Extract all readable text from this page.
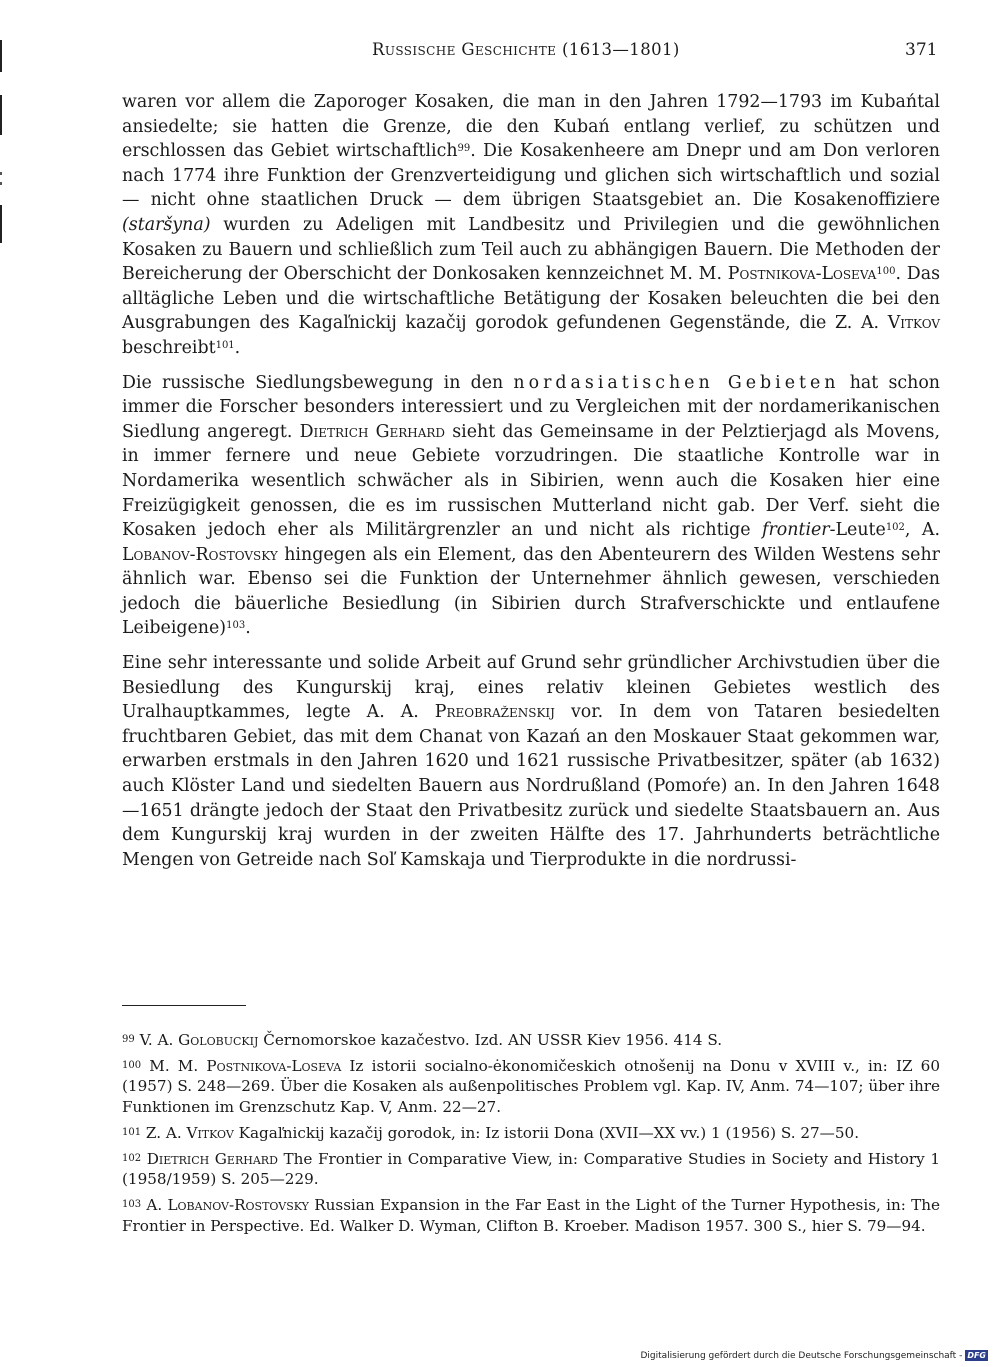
Russische Geschichte (1613—1801)	371

waren vor allem die Zaporoger Kosaken, die man in den Jahren 1792—1793 im Kubańtal ansiedelte; sie hatten die Grenze, die den Kubań entlang verlief, zu schützen und erschlossen das Gebiet wirtschaftlich$^{99}$. Die Kosakenheere am Dnepr und am Don verloren nach 1774 ihre Funktion der Grenzverteidigung und glichen sich wirtschaftlich und sozial — nicht ohne staatlichen Druck — dem übrigen Staatsgebiet an. Die Kosakenoffiziere (staršyna) wurden zu Adeligen mit Landbesitz und Privilegien und die gewöhnlichen Kosaken zu Bauern und schließlich zum Teil auch zu abhängigen Bauern. Die Methoden der Bereicherung der Oberschicht der Donkosaken kennzeichnet M. M. Postnikova-Loseva$^{100}$. Das alltägliche Leben und die wirtschaftliche Betätigung der Kosaken beleuchten die bei den Ausgrabungen des Kagaľnickij kazačij gorodok gefundenen Gegenstände, die Z. A. Vitkov beschreibt$^{101}$.

Die russische Siedlungsbewegung in den nordasiatischen Gebieten hat schon immer die Forscher besonders interessiert und zu Vergleichen mit der nordamerikanischen Siedlung angeregt. Dietrich Gerhard sieht das Gemeinsame in der Pelztierjagd als Movens, in immer fernere und neue Gebiete vorzudringen. Die staatliche Kontrolle war in Nordamerika wesentlich schwächer als in Sibirien, wenn auch die Kosaken hier eine Freizügigkeit genossen, die es im russischen Mutterland nicht gab. Der Verf. sieht die Kosaken jedoch eher als Militärgrenzler an und nicht als richtige frontier-Leute$^{102}$, A. Lobanov-Rostovsky hingegen als ein Element, das den Abenteurern des Wilden Westens sehr ähnlich war. Ebenso sei die Funktion der Unternehmer ähnlich gewesen, verschieden jedoch die bäuerliche Besiedlung (in Sibirien durch Strafverschickte und entlaufene Leibeigene)$^{103}$.

Eine sehr interessante und solide Arbeit auf Grund sehr gründlicher Archivstudien über die Besiedlung des Kungurskij kraj, eines relativ kleinen Gebietes westlich des Uralhauptkammes, legte A. A. Preobraženskij vor. In dem von Tataren besiedelten fruchtbaren Gebiet, das mit dem Chanat von Kazań an den Moskauer Staat gekommen war, erwarben erstmals in den Jahren 1620 und 1621 russische Privatbesitzer, später (ab 1632) auch Klöster Land und siedelten Bauern aus Nordrußland (Pomoŕe) an. In den Jahren 1648—1651 drängte jedoch der Staat den Privatbesitz zurück und siedelte Staatsbauern an. Aus dem Kungurskij kraj wurden in der zweiten Hälfte des 17. Jahrhunderts beträchtliche Mengen von Getreide nach Soľ Kamskaja und Tierprodukte in die nordrussi-

99 V. A. Golobuckij Černomorskoe kazačestvo. Izd. AN USSR Kiev 1956. 414 S.

100 M. M. Postnikova-Loseva Iz istorii socialno-ėkonomičeskich otnošenij na Donu v XVIII v., in: IZ 60 (1957) S. 248—269. Über die Kosaken als außenpolitisches Problem vgl. Kap. IV, Anm. 74—107; über ihre Funktionen im Grenzschutz Kap. V, Anm. 22—27.

101 Z. A. Vitkov Kagaľnickij kazačij gorodok, in: Iz istorii Dona (XVII—XX vv.) 1 (1956) S. 27—50.

102 Dietrich Gerhard The Frontier in Comparative View, in: Comparative Studies in Society and History 1 (1958/1959) S. 205—229.

103 A. Lobanov-Rostovsky Russian Expansion in the Far East in the Light of the Turner Hypothesis, in: The Frontier in Perspective. Ed. Walker D. Wyman, Clifton B. Kroeber. Madison 1957. 300 S., hier S. 79—94.

Digitalisierung gefördert durch die Deutsche Forschungsgemeinschaft - DFG
